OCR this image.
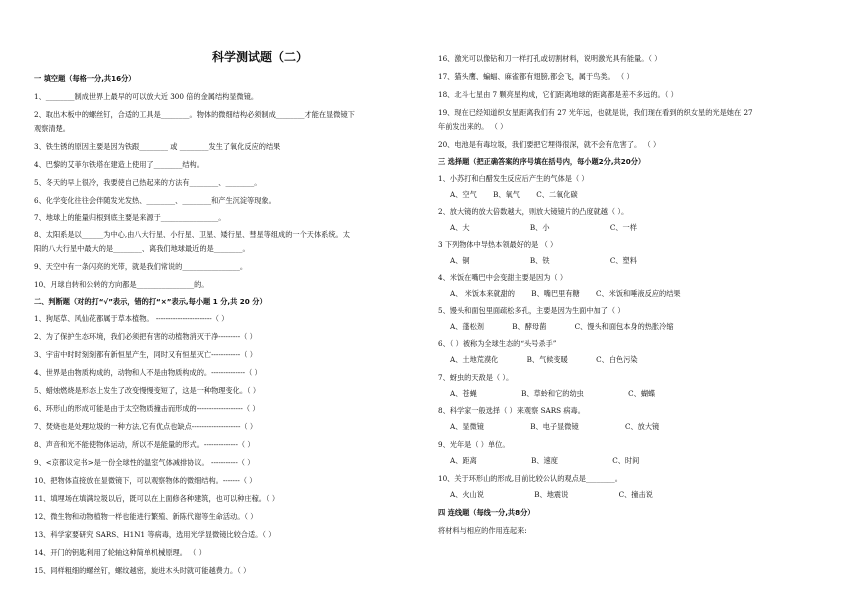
科学测试题（二）
一 填空题（每格一分,共16分）
1、________制成世界上最早的可以放大近 300 倍的金属结构显微镜。
2、取出木板中的螺丝钉，合适的工具是________。物体的微细结构必须制成________才能在显微镜下
观察清楚。
3、铁生锈的原因主要是因为铁跟________ 或 ________发生了氧化反应的结果
4、巴黎的艾菲尔铁塔在建造上使用了________结构。
5、冬天的早上很冷，我要使自己热起来的方法有________、________。
6、化学变化往往会伴随发光发热、________、________和产生沉淀等现象。
7、地球上的能量归根到底主要是来源于________________。
8、太阳系是以______为中心,由八大行星、小行星、卫星、矮行星、彗星等组成的一个天体系统。太
阳的八大行星中最大的是________、离我们地球最近的是________。
9、天空中有一条闪亮的光带，就是我们常说的________________。
10、月球自转和公转的方向都是________________的。
二、判断题（对的打“√”表示，错的打“×”表示,每小题 1 分,共 20 分）
1、狗尾草、风仙花都属于草本植物。 -----------------------（ ）
2、为了保护生态环境，我们必须把有害的动植物消灭干净---------（ ）
3、宇宙中时时刻刻都有新恒星产生，同时又有恒星灭亡------------（ ）
4、世界是由物质构成的，动物和人不是由物质构成的。--------------（ ）
5、蜡烛燃烧是形态上发生了改变慢慢变短了，这是一种物理变化。（ ）
6、环形山的形成可能是由于太空物质撞击而形成的-------------------（ ）
7、焚烧也是处理垃圾的一种方法,它有优点也缺点--------------------（ ）
8、声音和光不能使物体运动，所以不是能量的形式。--------------（ ）
9、<京都议定书>是一份全球性的温室气体减排协议。 -----------（ ）
10、把物体直接放在显微镜下，可以观察物体的微细结构。-------（ ）
11、填埋场在填满垃圾以后，既可以在上面修各种建筑，也可以种庄稼。（ ）
12、微生物和动物植物一样也能进行繁殖、新陈代谢等生命活动。（ ）
13、科学家要研究 SARS、H1N1 等病毒，选用光学显微镜比较合适。（ ）
14、开门的钥匙利用了轮轴这种简单机械原理。 （ ）
15、同样粗细的螺丝钉，螺纹越密，旋进木头时就可能越费力。（ ）
16、激光可以像钻和刀一样打孔或切割材料，说明激光具有能量。（ ）
17、猫头鹰、蝙蝠、麻雀都有翅膀,都会飞，属于鸟类。 （ ）
18、北斗七星由 7 颗亮星构成，它们距离地球的距离都是差不多远的。（ ）
19、现在已经知道织女星距离我们有 27 光年远，也就是说，我们现在看到的织女星的光是她在 27
年前发出来的。 （ ）
20、电池是有毒垃圾，我们要把它埋得很深，就不会有危害了。 （ ）
三 选择题（把正确答案的序号填在括号内，每小题2分,共20分）
1、小苏打和白醋发生反应后产生的气体是（ ）
A、空气 B、氧气 C、二氧化碳
2、放大镜的放大倍数越大，则放大镜镜片的凸度就越（ ）。
A、大	B、小	C、一样
3 下列物体中导热本领最好的是 （ ）
A、铜	B、铁	C、塑料
4、米饭在嘴巴中会变甜主要是因为（ ）
A、 米饭本来就甜的 B、嘴巴里有糖 C、米饭和唾液反应的结果
5、馒头和面包里面疏松多孔，主要是因为生面中加了（ ）
A、蓬松剂	B、酵母菌	C、馒头和面包本身的热胀冷缩
6、（ ）被称为全球生态的“头号杀手”
A、土地荒漠化	B、气候变暖	C、白色污染
7、蚜虫的天敌是（ ）。
A、苍蝇	B、草蛉和它的幼虫	C、蝴蝶
8、科学家一般选择（ ）来观察 SARS 病毒。
A、显微镜	B、电子显微镜	C、放大镜
9、光年是（ ）单位。
A、距离	B、速度	C、时间
10、关于环形山的形成,目前比较公认的观点是________。
A、火山说	B、地震说	C、撞击说
四 连线题（每线一分,共8分）
将材料与相应的作用连起来:
